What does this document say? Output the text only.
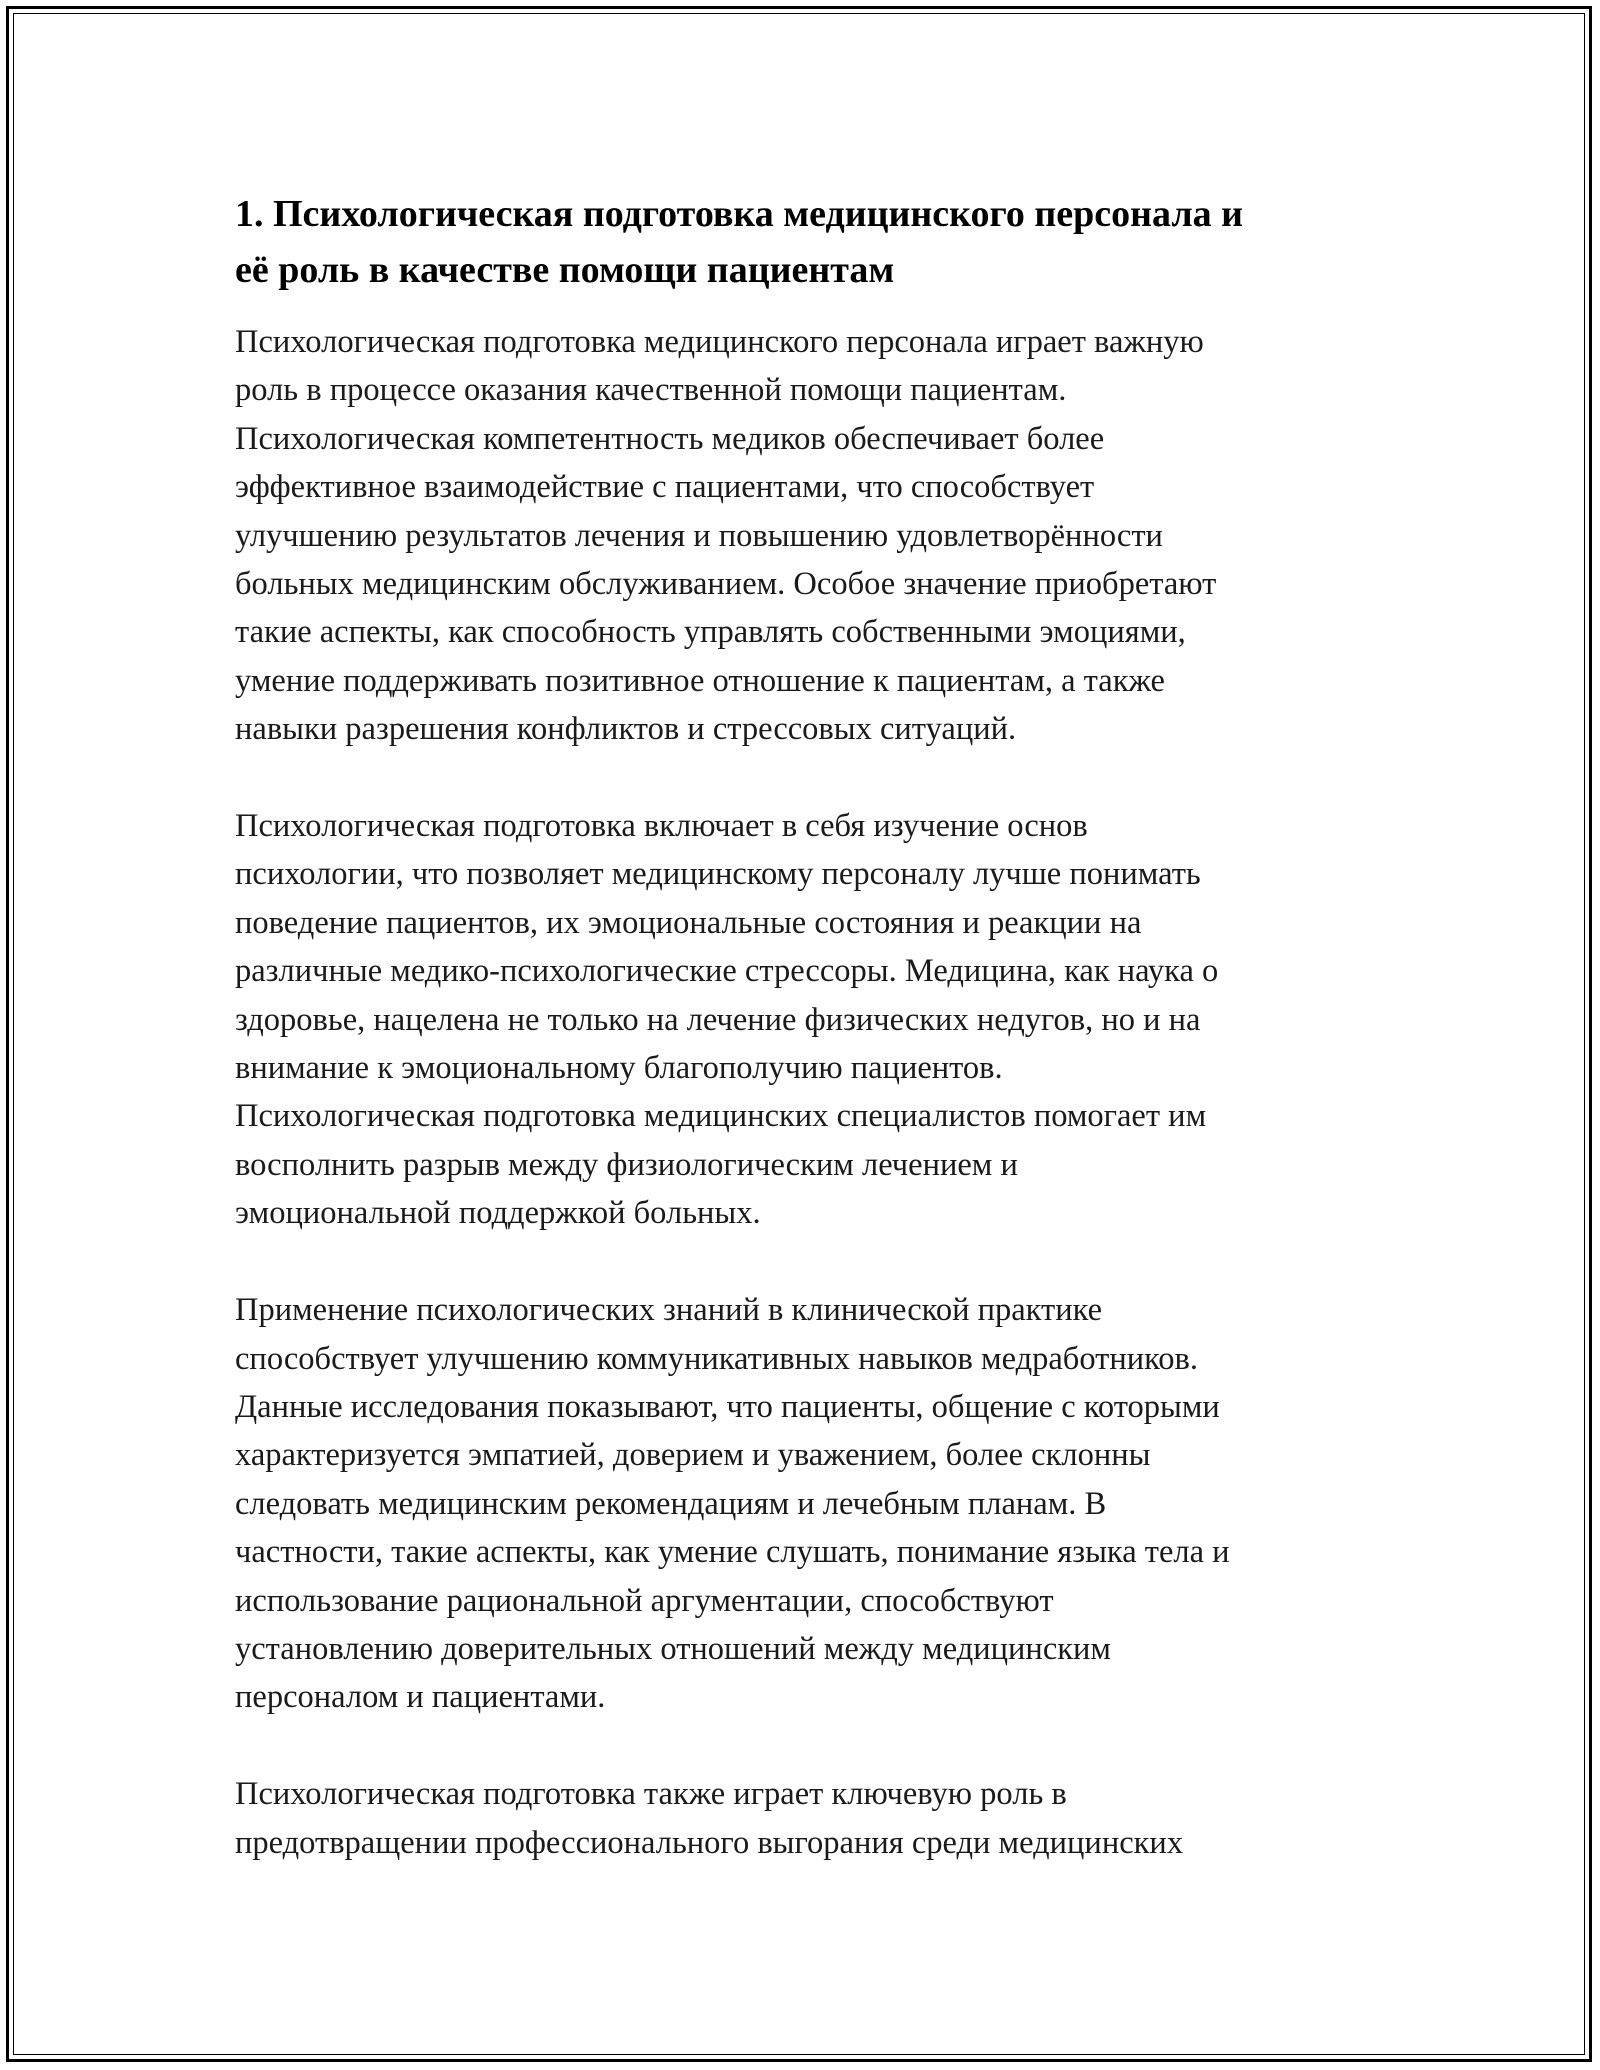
1. Психологическая подготовка медицинского персонала и
её роль в качестве помощи пациентам

Психологическая подготовка медицинского персонала играет важную
роль в процессе оказания качественной помощи пациентам.
Психологическая компетентность медиков обеспечивает более
эффективное взаимодействие с пациентами, что способствует
улучшению результатов лечения и повышению удовлетворённости
больных медицинским обслуживанием. Особое значение приобретают
такие аспекты, как способность управлять собственными эмоциями,
умение поддерживать позитивное отношение к пациентам, а также
навыки разрешения конфликтов и стрессовых ситуаций.

Психологическая подготовка включает в себя изучение основ
психологии, что позволяет медицинскому персоналу лучше понимать
поведение пациентов, их эмоциональные состояния и реакции на
различные медико-психологические стрессоры. Медицина, как наука о
здоровье, нацелена не только на лечение физических недугов, но и на
внимание к эмоциональному благополучию пациентов.
Психологическая подготовка медицинских специалистов помогает им
восполнить разрыв между физиологическим лечением и
эмоциональной поддержкой больных.

Применение психологических знаний в клинической практике
способствует улучшению коммуникативных навыков медработников.
Данные исследования показывают, что пациенты, общение с которыми
характеризуется эмпатией, доверием и уважением, более склонны
следовать медицинским рекомендациям и лечебным планам. В
частности, такие аспекты, как умение слушать, понимание языка тела и
использование рациональной аргументации, способствуют
установлению доверительных отношений между медицинским
персоналом и пациентами.

Психологическая подготовка также играет ключевую роль в
предотвращении профессионального выгорания среди медицинских
